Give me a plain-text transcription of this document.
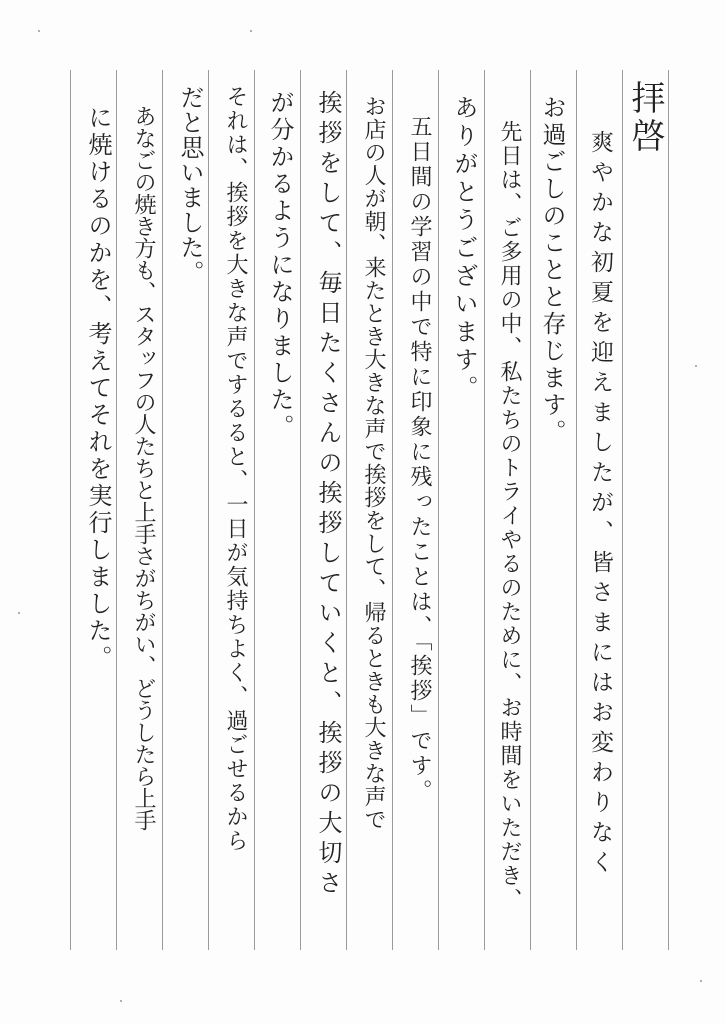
拝啓
爽やかな初夏を迎えましたが、皆さまにはお変わりなく
お過ごしのことと存じます。
先日は、ご多用の中、私たちのトライやるのために、お時間をいただき、
ありがとうございます。
五日間の学習の中で特に印象に残ったことは、「挨拶」です。
お店の人が朝、来たとき大きな声で挨拶をして、帰るときも大きな声で
挨拶をして、毎日たくさんの挨拶していくと、挨拶の大切さ
が分かるようになりました。
それは、挨拶を大きな声でするると、一日が気持ちよく、過ごせるから
だと思いました。
あなごの焼き方も、スタッフの人たちと上手さがちがい、どうしたら上手
に焼けるのかを、考えてそれを実行しました。
